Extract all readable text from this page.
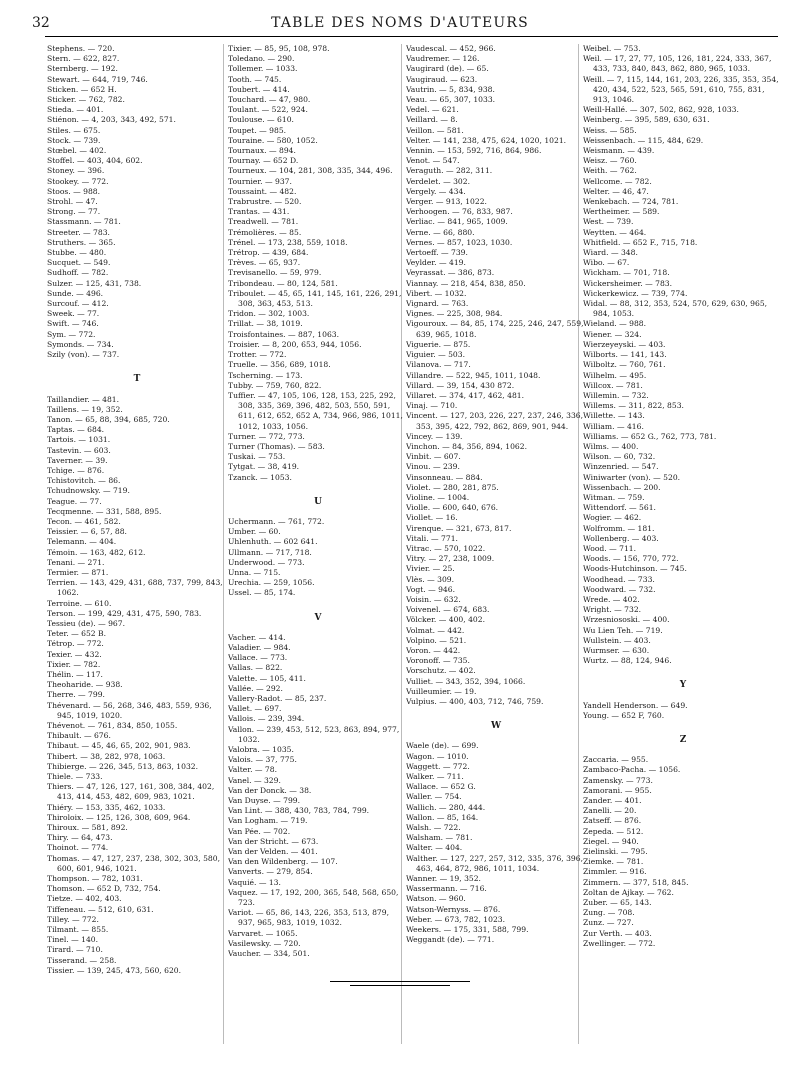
32	TABLE DES NOMS D'AUTEURS
Stephens. — 720.
Stern. — 622, 827.
Sternberg. — 192.
Stewart. — 644, 719, 746.
Sticken. — 652 H.
Sticker. — 762, 782.
Stieda. — 401.
Stiénon. — 4, 203, 343, 492, 571.
Stiles. — 675.
Stock. — 739.
Stœbel. — 402.
Stoffel. — 403, 404, 602.
Stoney. — 396.
Stookey. — 772.
Stoos. — 988.
Strohl. — 47.
Strong. — 77.
Stassmann. — 781.
Streeter. — 783.
Struthers. — 365.
Stubbe. — 480.
Sucquet. — 549.
Sudhoff. — 782.
Sulzer. — 125, 431, 738.
Sunde. — 496.
Surcouf. — 412.
Sweek. — 77.
Swift. — 746.
Sym. — 772.
Symonds. — 734.
Szily (von). — 737.
T
Taillandier. — 481.
Taillens. — 19, 352.
Tanon. — 65, 88, 394, 685, 720.
Taptas. — 684.
Tartois. — 1031.
Tastevin. — 603.
Taverner. — 39.
Tchige. — 876.
Tchistovitch. — 86.
Tchudnowsky. — 719.
Teague. — 77.
Tecqmenne. — 331, 588, 895.
Tecon. — 461, 582.
Teissier. — 6, 57, 88.
Telemann. — 404.
Témoin. — 163, 482, 612.
Tenani. — 271.
Termier. — 871.
Terrien. — 143, 429, 431, 688, 737, 799, 843, 1062.
Terroine. — 610.
Terson. — 199, 429, 431, 475, 590, 783.
Tessieu (de). — 967.
Teter. — 652 B.
Tétrop. — 772.
Texier. — 432.
Tixier. — 782.
Thélin. — 117.
Theoharide. — 938.
Therre. — 799.
Thévenard. — 56, 268, 346, 483, 559, 936, 945, 1019, 1020.
Thévenot. — 761, 834, 850, 1055.
Thibault. — 676.
Thibaut. — 45, 46, 65, 202, 901, 983.
Thibert. — 38, 282, 978, 1063.
Thibierge. — 226, 345, 513, 863, 1032.
Thiele. — 733.
Thiers. — 47, 126, 127, 161, 308, 384, 402, 413, 414, 453, 482, 609, 983, 1021.
Thiéry. — 153, 335, 462, 1033.
Thiroloix. — 125, 126, 308, 609, 964.
Thiroux. — 581, 892.
Thiry. — 64, 473.
Thoinot. — 774.
Thomas. — 47, 127, 237, 238, 302, 303, 580, 600, 601, 946, 1021.
Thompson. — 782, 1031.
Thomson. — 652 D, 732, 754.
Tietze. — 402, 403.
Tiffeneau. — 512, 610, 631.
Tilley. — 772.
Tilmant. — 855.
Tinel. — 140.
Tirard. — 710.
Tisserand. — 258.
Tissier. — 139, 245, 473, 560, 620.
Tixier. — 85, 95, 108, 978.
Toledano. — 290.
Tollemer. — 1033.
Tooth. — 745.
Toubert. — 414.
Touchard. — 47, 980.
Toulant. — 522, 924.
Toulouse. — 610.
Toupet. — 985.
Touraine. — 580, 1052.
Tournaux. — 894.
Tournay. — 652 D.
Tourneux. — 104, 281, 308, 335, 344, 496.
Tournier. — 937.
Toussaint. — 482.
Trabrustre. — 520.
Trantas. — 431.
Treadwell. — 781.
Trémolières. — 85.
Trénel. — 173, 238, 559, 1018.
Trétrop. — 439, 684.
Trèves. — 65, 937.
Trevisanello. — 59, 979.
Tribondeau. — 80, 124, 581.
Triboulet. — 45, 65, 141, 145, 161, 226, 291, 308, 363, 453, 513.
Tridon. — 302, 1003.
Trillat. — 38, 1019.
Troisfontaines. — 887, 1063.
Troisier. — 8, 200, 653, 944, 1056.
Trotter. — 772.
Truelle. — 356, 689, 1018.
Tscherning. — 173.
Tubby. — 759, 760, 822.
Tuffier. — 47, 105, 106, 128, 153, 225, 292, 308, 335, 369, 396, 482, 503, 550, 591, 611, 612, 652, 652 A, 734, 966, 986, 1011, 1012, 1033, 1056.
Turner. — 772, 773.
Turner (Thomas). — 583.
Tuskai. — 753.
Tytgat. — 38, 419.
Tzanck. — 1053.
U
Uchermann. — 761, 772.
Umber. — 60.
Uhlenhuth. — 602 641.
Ullmann. — 717, 718.
Underwood. — 773.
Unna. — 715.
Urechia. — 259, 1056.
Ussel. — 85, 174.
V
Vacher. — 414.
Valadier. — 984.
Vallace. — 773.
Vallas. — 822.
Valette. — 105, 411.
Vallée. — 292.
Vallery-Radot. — 85, 237.
Vallet. — 697.
Vallois. — 239, 394.
Vallon. — 239, 453, 512, 523, 863, 894, 977, 1032.
Valobra. — 1035.
Valois. — 37, 775.
Valter. — 78.
Vanel. — 329.
Van der Donck. — 38.
Van Duyse. — 799.
Van Lint. — 388, 430, 783, 784, 799.
Van Logham. — 719.
Van Pée. — 702.
Van der Stricht. — 673.
Van der Velden. — 401.
Van den Wildenberg. — 107.
Vanverts. — 279, 854.
Vaquié. — 13.
Vaquez. — 17, 192, 200, 365, 548, 568, 650, 723.
Variot. — 65, 86, 143, 226, 353, 513, 879, 937, 965, 983, 1019, 1032.
Varvaret. — 1065.
Vasilewsky. — 720.
Vaucher. — 334, 501.
Vaudescal. — 452, 966.
Vaudremer. — 126.
Vaugirard (de). — 65.
Vaugiraud. — 623.
Vautrin. — 5, 834, 938.
Veau. — 65, 307, 1033.
Vedel. — 621.
Veillard. — 8.
Veillon. — 581.
Velter. — 141, 238, 475, 624, 1020, 1021.
Vennin. — 153, 592, 716, 864, 986.
Venot. — 547.
Veraguth. — 282, 311.
Verdelet. — 302.
Vergely. — 434.
Verger. — 913, 1022.
Verhoogen. — 76, 833, 987.
Verliac. — 841, 965, 1009.
Verne. — 66, 880.
Vernes. — 857, 1023, 1030.
Vertoeff. — 739.
Veylder. — 419.
Veyrassat. — 386, 873.
Viannay. — 218, 454, 838, 850.
Vibert. — 1032.
Vignard. — 763.
Vignes. — 225, 308, 984.
Vigouroux. — 84, 85, 174, 225, 246, 247, 559, 639, 965, 1018.
Viguerie. — 875.
Viguier. — 503.
Vilanova. — 717.
Villandre. — 522, 945, 1011, 1048.
Villard. — 39, 154, 430 872.
Villaret. — 374, 417, 462, 481.
Vinaj. — 710.
Vincent. — 127, 203, 226, 227, 237, 246, 336, 353, 395, 422, 792, 862, 869, 901, 944.
Vincey. — 139.
Vinchon. — 84, 356, 894, 1062.
Vinbit. — 607.
Vinou. — 239.
Vinsonneau. — 884.
Violet. — 280, 281, 875.
Violine. — 1004.
Violle. — 600, 640, 676.
Viollet. — 16.
Virenque. — 321, 673, 817.
Vitali. — 771.
Vitrac. — 570, 1022.
Vitry. — 27, 238, 1009.
Vivier. — 25.
Vlès. — 309.
Vogt. — 946.
Voisin. — 632.
Voivenel. — 674, 683.
Völcker. — 400, 402.
Volmat. — 442.
Volpino. — 521.
Voron. — 442.
Voronoff. — 735.
Vorschutz. — 402.
Vulliet. — 343, 352, 394, 1066.
Vuilleumier. — 19.
Vulpius. — 400, 403, 712, 746, 759.
W
Waele (de). — 699.
Wagon. — 1010.
Waggett. — 772.
Walker. — 711.
Wallace. — 652 G.
Waller. — 754.
Wallich. — 280, 444.
Wallon. — 85, 164.
Walsh. — 722.
Walsham. — 781.
Walter. — 404.
Walther. — 127, 227, 257, 312, 335, 376, 396, 463, 464, 872, 986, 1011, 1034.
Wanner. — 19, 352.
Wassermann. — 716.
Watson. — 960.
Watson-Wernyss. — 876.
Weber. — 673, 782, 1023.
Weekers. — 175, 331, 588, 799.
Weggandt (de). — 771.
Weibel. — 753.
Weil. — 17, 27, 77, 105, 126, 181, 224, 333, 367, 433, 733, 840, 843, 862, 880, 965, 1033.
Weill. — 7, 115, 144, 161, 203, 226, 335, 353, 354, 420, 434, 522, 523, 565, 591, 610, 755, 831, 913, 1046.
Weill-Hallé. — 307, 502, 862, 928, 1033.
Weinberg. — 395, 589, 630, 631.
Weiss. — 585.
Weissenbach. — 115, 484, 629.
Weismann. — 439.
Weisz. — 760.
Weith. — 762.
Wellcome. — 782.
Welter. — 46, 47.
Wenkebach. — 724, 781.
Wertheimer. — 589.
West. — 739.
Weytten. — 464.
Whitfield. — 652 F., 715, 718.
Wiard. — 348.
Wibo. — 67.
Wickham. — 701, 718.
Wickersheimer. — 783.
Wickerkewicz. — 739, 774.
Widal. — 88, 312, 353, 524, 570, 629, 630, 965, 984, 1053.
Wieland. — 988.
Wiener. — 324.
Wierzeyeyski. — 403.
Wilborts. — 141, 143.
Wilboltz. — 760, 761.
Wilhelm. — 495.
Willcox. — 781.
Willemin. — 732.
Willems. — 311, 822, 853.
Willette. — 143.
William. — 416.
Williams. — 652 G., 762, 773, 781.
Wilms. — 400.
Wilson. — 60, 732.
Winzenried. — 547.
Winiwarter (von). — 520.
Wissenbach. — 200.
Witman. — 759.
Wittendorf. — 561.
Wogier. — 462.
Wolfromm. — 181.
Wollenberg. — 403.
Wood. — 711.
Woods. — 156, 770, 772.
Woods-Hutchinson. — 745.
Woodhead. — 733.
Woodward. — 732.
Wrede. — 402.
Wright. — 732.
Wrzesniososki. — 400.
Wu Lien Teh. — 719.
Wullstein. — 403.
Wurmser. — 630.
Wurtz. — 88, 124, 946.
Y
Yandell Henderson. — 649.
Young. — 652 F, 760.
Z
Zaccaria. — 955.
Zambaco-Pacha. — 1056.
Zamensky. — 773.
Zamorani. — 955.
Zander. — 401.
Zanelli. — 20.
Zatseff. — 876.
Zepeda. — 512.
Ziegel. — 940.
Zielinski. — 795.
Ziemke. — 781.
Zimmler. — 916.
Zimmern. — 377, 518, 845.
Zoltan de Ajkay. — 762.
Zuber. — 65, 143.
Zung. — 708.
Zunz. — 727.
Zur Verth. — 403.
Zwellinger. — 772.
